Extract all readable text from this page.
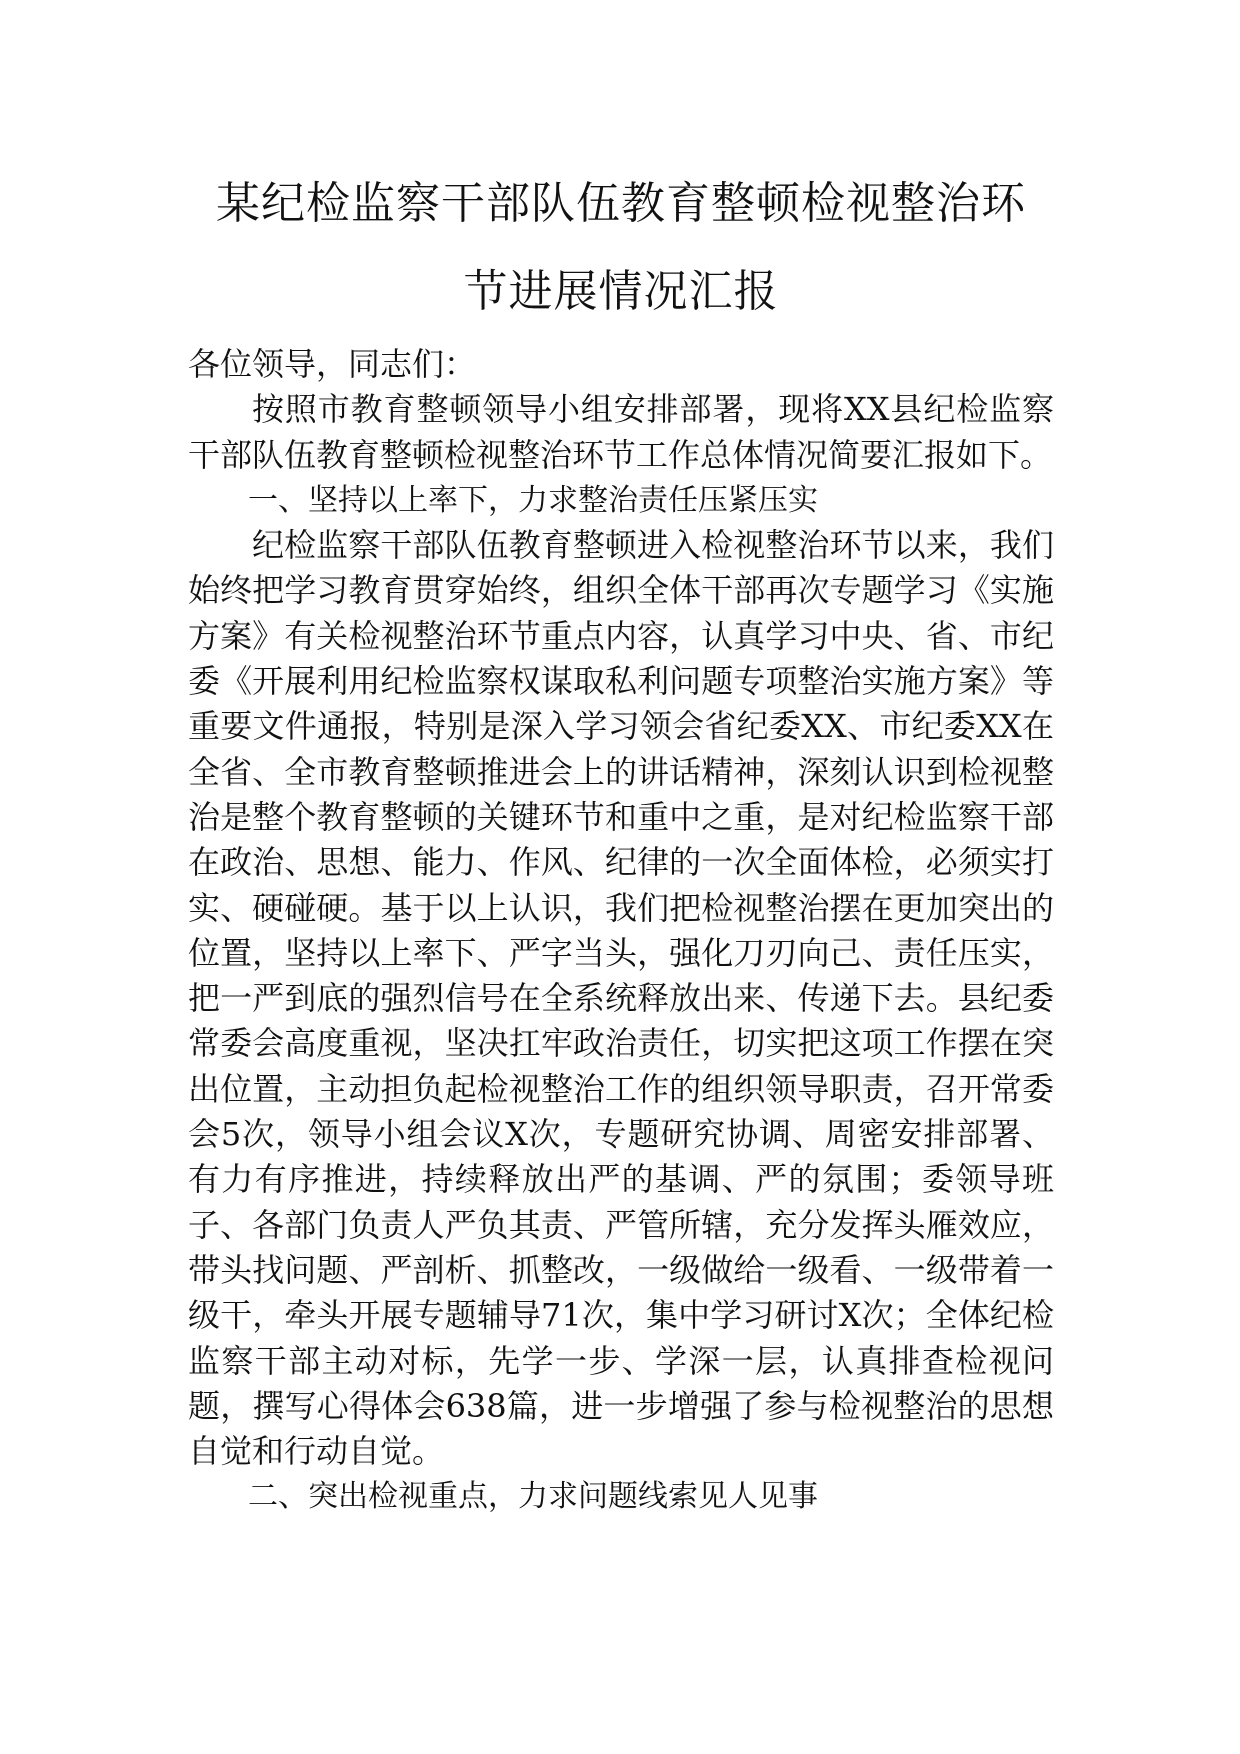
某纪检监察干部队伍教育整顿检视整治环
节进展情况汇报

各位领导，同志们：

按照市教育整顿领导小组安排部署，现将XX县纪检监察干部队伍教育整顿检视整治环节工作总体情况简要汇报如下。

一、坚持以上率下，力求整治责任压紧压实

纪检监察干部队伍教育整顿进入检视整治环节以来，我们始终把学习教育贯穿始终，组织全体干部再次专题学习《实施方案》有关检视整治环节重点内容，认真学习中央、省、市纪委《开展利用纪检监察权谋取私利问题专项整治实施方案》等重要文件通报，特别是深入学习领会省纪委XX、市纪委XX在全省、全市教育整顿推进会上的讲话精神，深刻认识到检视整治是整个教育整顿的关键环节和重中之重，是对纪检监察干部在政治、思想、能力、作风、纪律的一次全面体检，必须实打实、硬碰硬。基于以上认识，我们把检视整治摆在更加突出的位置，坚持以上率下、严字当头，强化刀刃向己、责任压实，把一严到底的强烈信号在全系统释放出来、传递下去。县纪委常委会高度重视，坚决扛牢政治责任，切实把这项工作摆在突出位置，主动担负起检视整治工作的组织领导职责，召开常委会5次，领导小组会议X次，专题研究协调、周密安排部署、有力有序推进，持续释放出严的基调、严的氛围；委领导班子、各部门负责人严负其责、严管所辖，充分发挥头雁效应，带头找问题、严剖析、抓整改，一级做给一级看、一级带着一级干，牵头开展专题辅导71次，集中学习研讨X次；全体纪检监察干部主动对标，先学一步、学深一层，认真排查检视问题，撰写心得体会638篇，进一步增强了参与检视整治的思想自觉和行动自觉。

二、突出检视重点，力求问题线索见人见事
